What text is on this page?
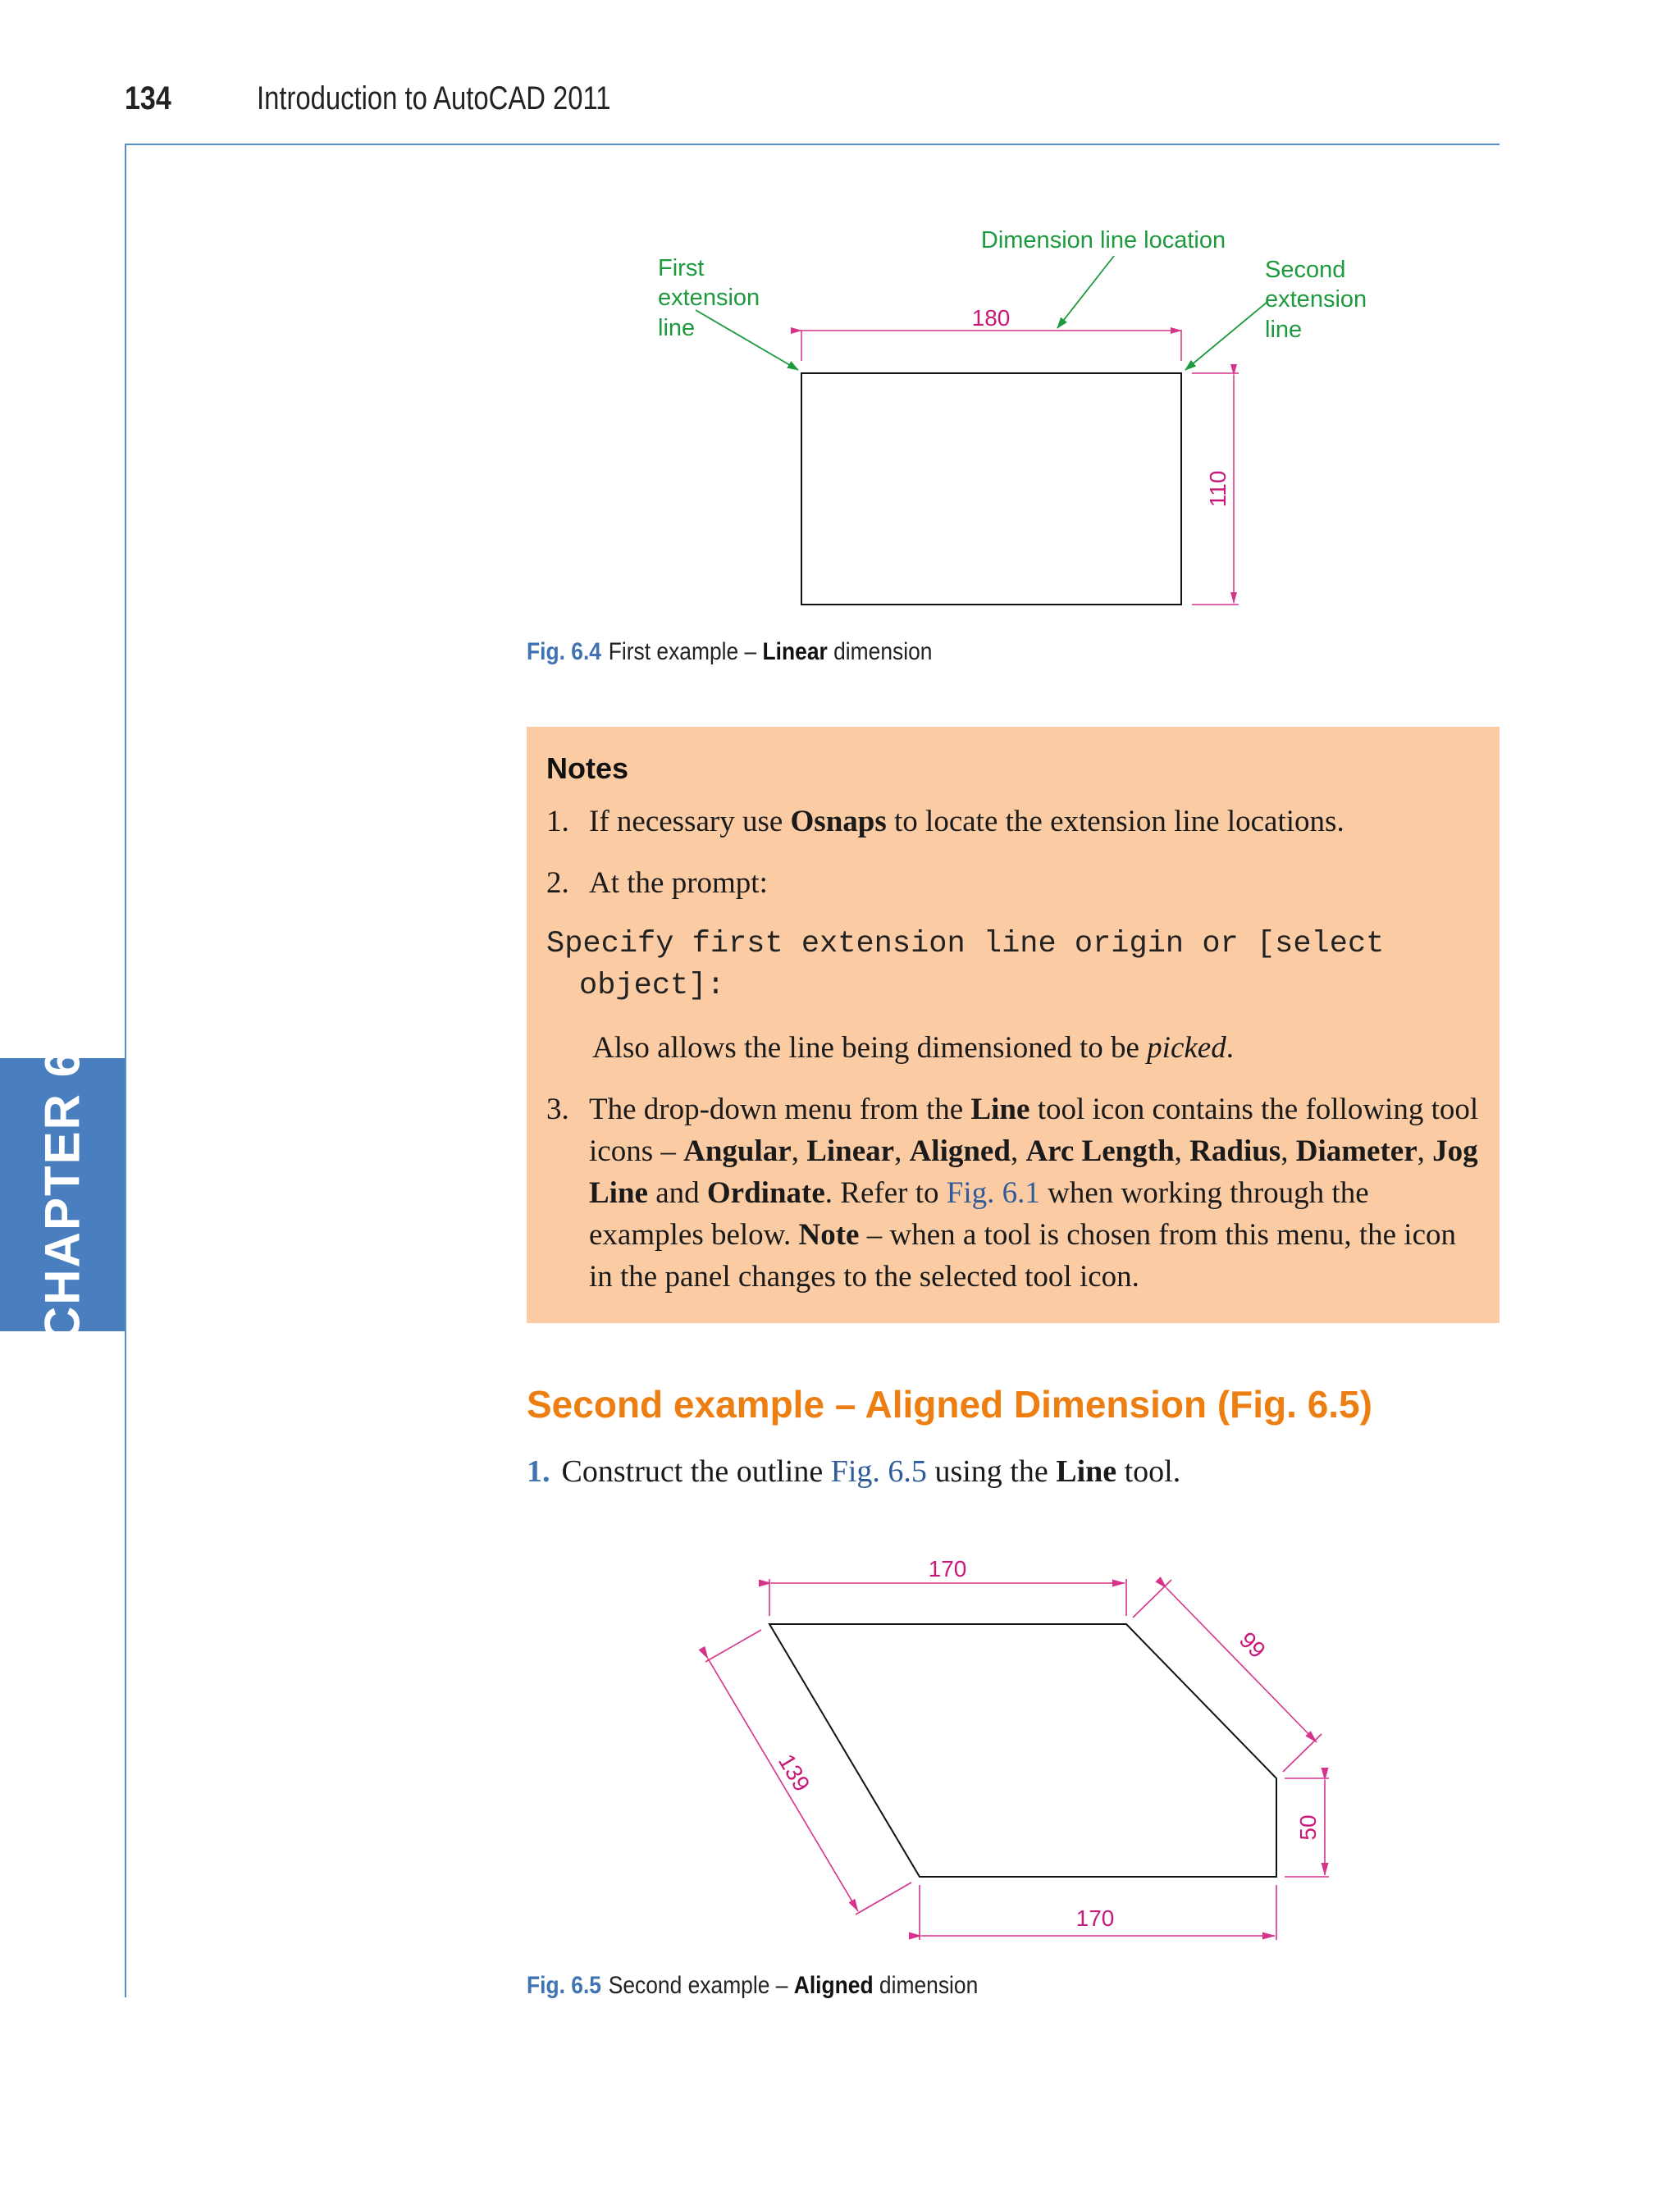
134	Introduction to AutoCAD 2011
CHAPTER 6
180
110
Dimension line location
First extension line
Second extension line
Fig. 6.4 First example – Linear dimension
Notes
1. If necessary use Osnaps to locate the extension line locations.
2. At the prompt:
Specify first extension line origin or [select object]:
Also allows the line being dimensioned to be picked.
3. The drop-down menu from the Line tool icon contains the following tool icons – Angular, Linear, Aligned, Arc Length, Radius, Diameter, Jog Line and Ordinate. Refer to Fig. 6.1 when working through the examples below. Note – when a tool is chosen from this menu, the icon in the panel changes to the selected tool icon.
Second example – Aligned Dimension (Fig. 6.5)
1. Construct the outline Fig. 6.5 using the Line tool.
170
170
50
99
139
Fig. 6.5 Second example – Aligned dimension
